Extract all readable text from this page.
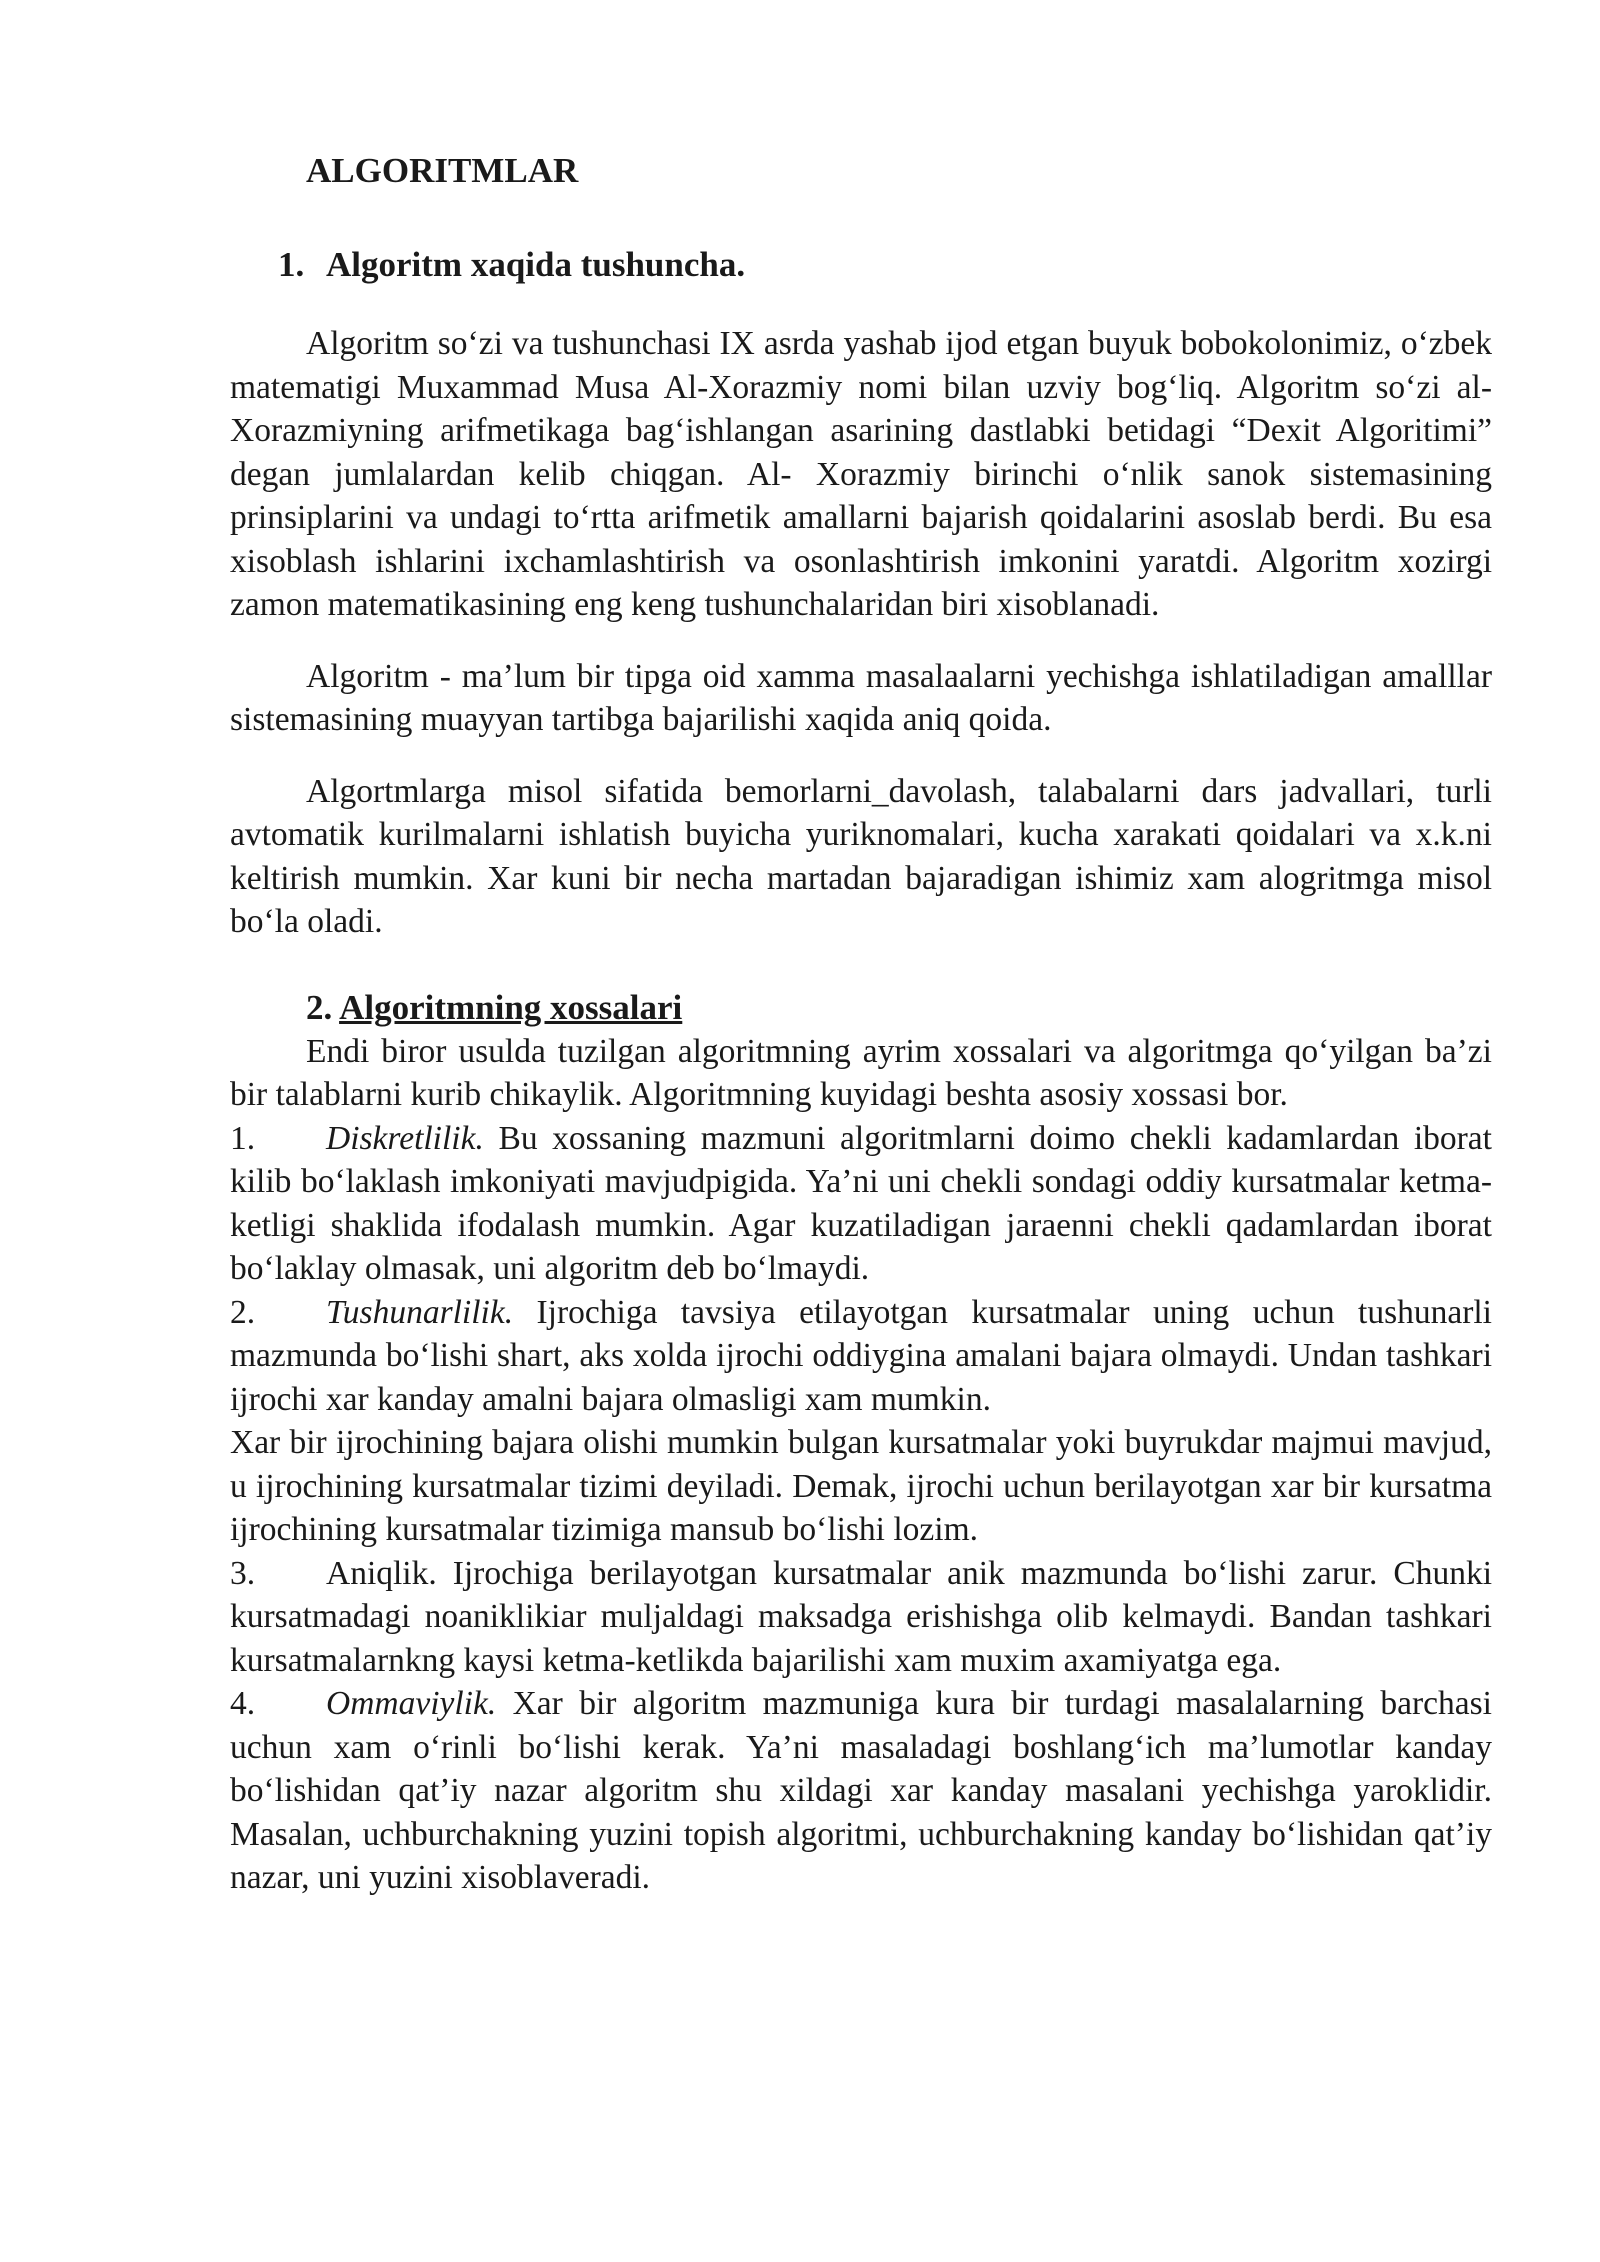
ALGORITMLAR
1. Algoritm xaqida tushuncha.

Algoritm so‘zi va tushunchasi IX asrda yashab ijod etgan buyuk bobokolonimiz, o‘zbek matematigi Muxammad Musa Al-Xorazmiy nomi bilan uzviy bog‘liq. Algoritm so‘zi al-Xorazmiyning arifmetikaga bag‘ishlangan asarining dastlabki betidagi “Dexit Algoritimi” degan jumlalardan kelib chiqgan. Al- Xorazmiy birinchi o‘nlik sanok sistemasining prinsiplarini va undagi to‘rtta arifmetik amallarni bajarish qoidalarini asoslab berdi. Bu esa xisoblash ishlarini ixchamlashtirish va osonlashtirish imkonini yaratdi. Algoritm xozirgi zamon matematikasining eng keng tushunchalaridan biri xisoblanadi.

Algoritm - ma’lum bir tipga oid xamma masalaalarni yechishga ishlatiladigan amalllar sistemasining muayyan tartibga bajarilishi xaqida aniq qoida.

Algortmlarga misol sifatida bemorlarni_davolash, talabalarni dars jadvallari, turli avtomatik kurilmalarni ishlatish buyicha yuriknomalari, kucha xarakati qoidalari va x.k.ni keltirish mumkin. Xar kuni bir necha martadan bajaradigan ishimiz xam alogritmga misol bo‘la oladi.

2. Algoritmning xossalari

Endi biror usulda tuzilgan algoritmning ayrim xossalari va algoritmga qo‘yilgan ba’zi bir talablarni kurib chikaylik. Algoritmning kuyidagi beshta asosiy xossasi bor.

1. Diskretlilik. Bu xossaning mazmuni algoritmlarni doimo chekli kadamlardan iborat kilib bo‘laklash imkoniyati mavjudpigida. Ya’ni uni chekli sondagi oddiy kursatmalar ketma-ketligi shaklida ifodalash mumkin. Agar kuzatiladigan jaraenni chekli qadamlardan iborat bo‘laklay olmasak, uni algoritm deb bo‘lmaydi.

2. Tushunarlilik. Ijrochiga tavsiya etilayotgan kursatmalar uning uchun tushunarli mazmunda bo‘lishi shart, aks xolda ijrochi oddiygina amalani bajara olmaydi. Undan tashkari ijrochi xar kanday amalni bajara olmasligi xam mumkin.

Xar bir ijrochining bajara olishi mumkin bulgan kursatmalar yoki buyrukdar majmui mavjud, u ijrochining kursatmalar tizimi deyiladi. Demak, ijrochi uchun berilayotgan xar bir kursatma ijrochining kursatmalar tizimiga mansub bo‘lishi lozim.

3. Aniqlik. Ijrochiga berilayotgan kursatmalar anik mazmunda bo‘lishi zarur. Chunki kursatmadagi noaniklikiar muljaldagi maksadga erishishga olib kelmaydi. Bandan tashkari kursatmalarnkng kaysi ketma-ketlikda bajarilishi xam muxim axamiyatga ega.

4. Ommaviylik. Xar bir algoritm mazmuniga kura bir turdagi masalalarning barchasi uchun xam o‘rinli bo‘lishi kerak. Ya’ni masaladagi boshlang‘ich ma’lumotlar kanday bo‘lishidan qat’iy nazar algoritm shu xildagi xar kanday masalani yechishga yaroklidir. Masalan, uchburchakning yuzini topish algoritmi, uchburchakning kanday bo‘lishidan qat’iy nazar, uni yuzini xisoblaveradi.
